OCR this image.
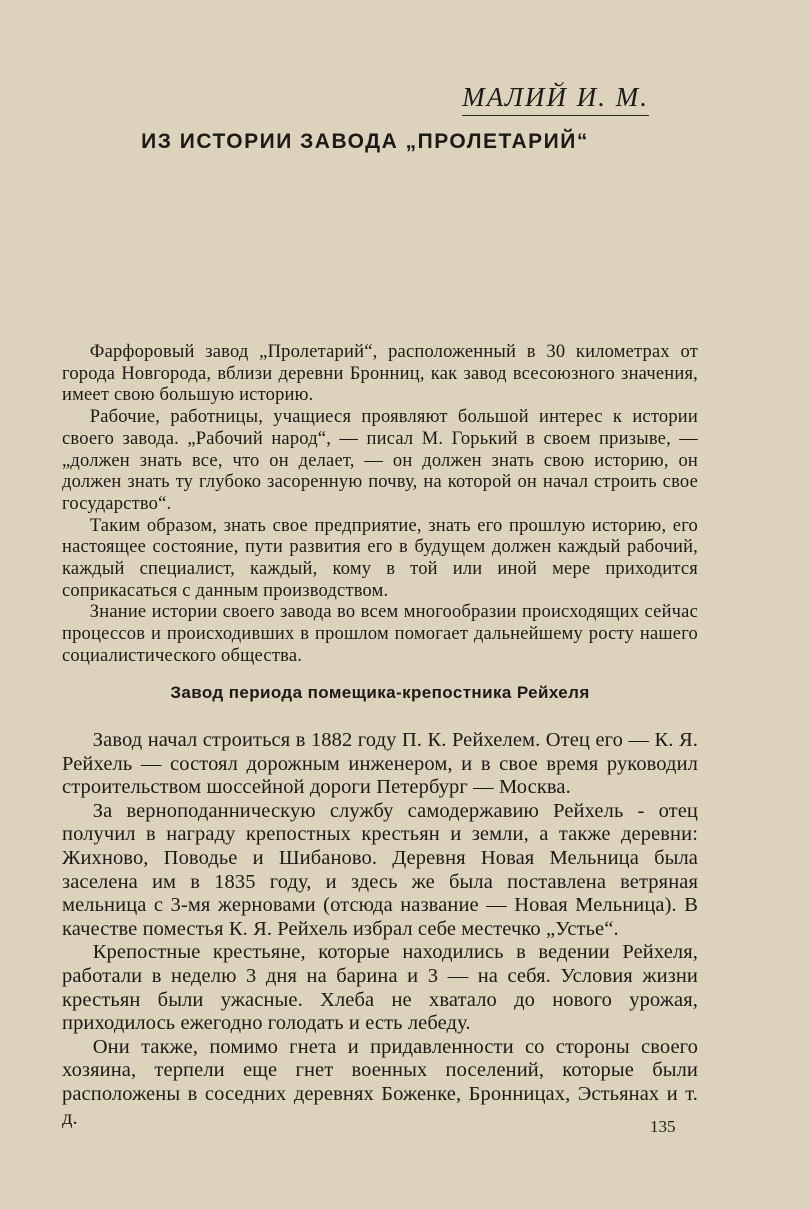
МАЛИЙ И. М.
ИЗ ИСТОРИИ ЗАВОДА „ПРОЛЕТАРИЙ“

Фарфоровый завод „Пролетарий“, расположенный в 30 километрах от города Новгорода, вблизи деревни Бронниц, как завод всесоюзного значения, имеет свою большую историю.

Рабочие, работницы, учащиеся проявляют большой интерес к истории своего завода. „Рабочий народ“, — писал М. Горький в своем призыве, — „должен знать все, что он делает, — он должен знать свою историю, он должен знать ту глубоко засоренную почву, на которой он начал строить свое государство“.

Таким образом, знать свое предприятие, знать его прошлую историю, его настоящее состояние, пути развития его в будущем должен каждый рабочий, каждый специалист, каждый, кому в той или иной мере приходится соприкасаться с данным производством.

Знание истории своего завода во всем многообразии происходящих сейчас процессов и происходивших в прошлом помогает дальнейшему росту нашего социалистического общества.

Завод периода помещика-крепостника Рейхеля

Завод начал строиться в 1882 году П. К. Рейхелем. Отец его — К. Я. Рейхель — состоял дорожным инженером, и в свое время руководил строительством шоссейной дороги Петербург — Москва.

За верноподанническую службу самодержавию Рейхель - отец получил в награду крепостных крестьян и земли, а также деревни: Жихново, Поводье и Шибаново. Деревня Новая Мельница была заселена им в 1835 году, и здесь же была поставлена ветряная мельница с 3-мя жерновами (отсюда название — Новая Мельница). В качестве поместья К. Я. Рейхель избрал себе местечко „Устье“.

Крепостные крестьяне, которые находились в ведении Рейхеля, работали в неделю 3 дня на барина и 3 — на себя. Условия жизни крестьян были ужасные. Хлеба не хватало до нового урожая, приходилось ежегодно голодать и есть лебеду.

Они также, помимо гнета и придавленности со стороны своего хозяина, терпели еще гнет военных поселений, которые были расположены в соседних деревнях Боженке, Бронницах, Эстьянах и т. д.	135
